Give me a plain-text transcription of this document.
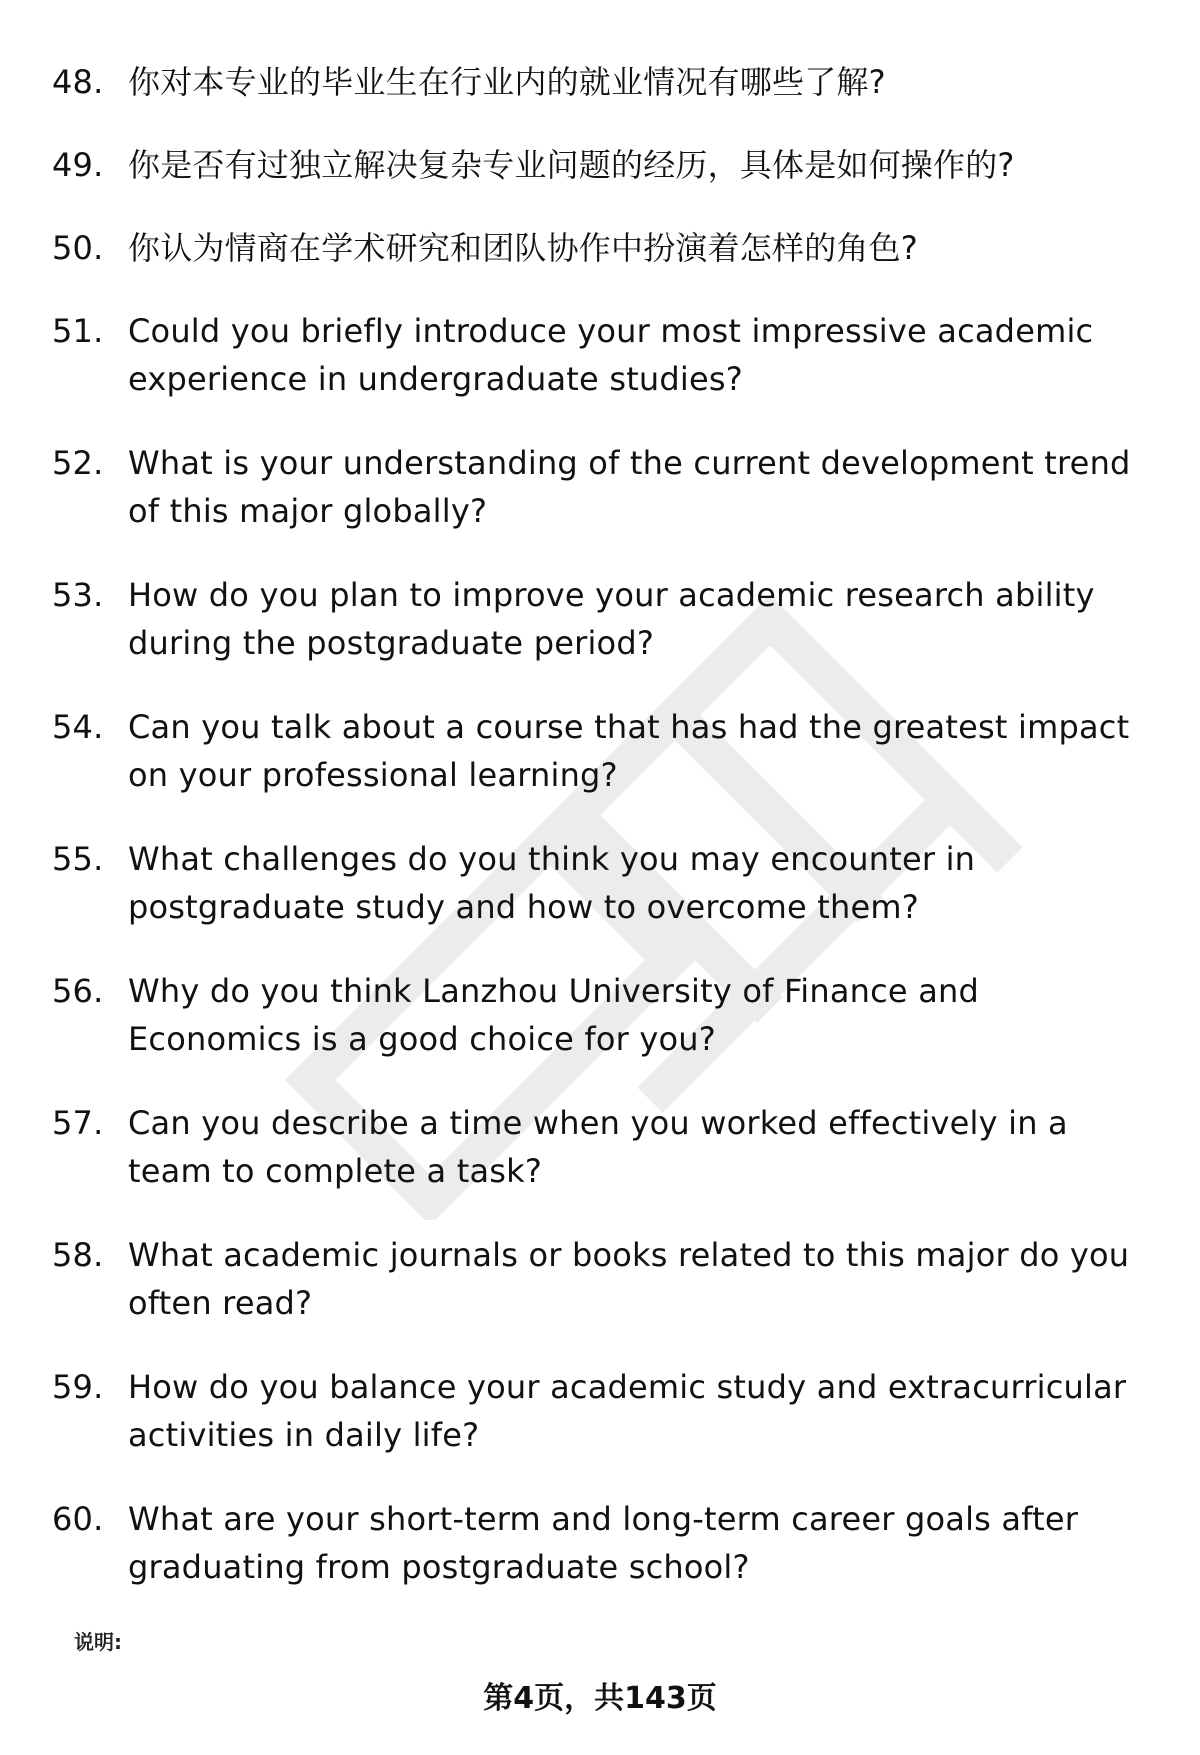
48. 你对本专业的毕业生在行业内的就业情况有哪些了解?
49. 你是否有过独立解决复杂专业问题的经历，具体是如何操作的?
50. 你认为情商在学术研究和团队协作中扮演着怎样的角色?
51. Could you briefly introduce your most impressive academic experience in undergraduate studies?
52. What is your understanding of the current development trend of this major globally?
53. How do you plan to improve your academic research ability during the postgraduate period?
54. Can you talk about a course that has had the greatest impact on your professional learning?
55. What challenges do you think you may encounter in postgraduate study and how to overcome them?
56. Why do you think Lanzhou University of Finance and Economics is a good choice for you?
57. Can you describe a time when you worked effectively in a team to complete a task?
58. What academic journals or books related to this major do you often read?
59. How do you balance your academic study and extracurricular activities in daily life?
60. What are your short-term and long-term career goals after graduating from postgraduate school?
说明:
第4页，共143页
